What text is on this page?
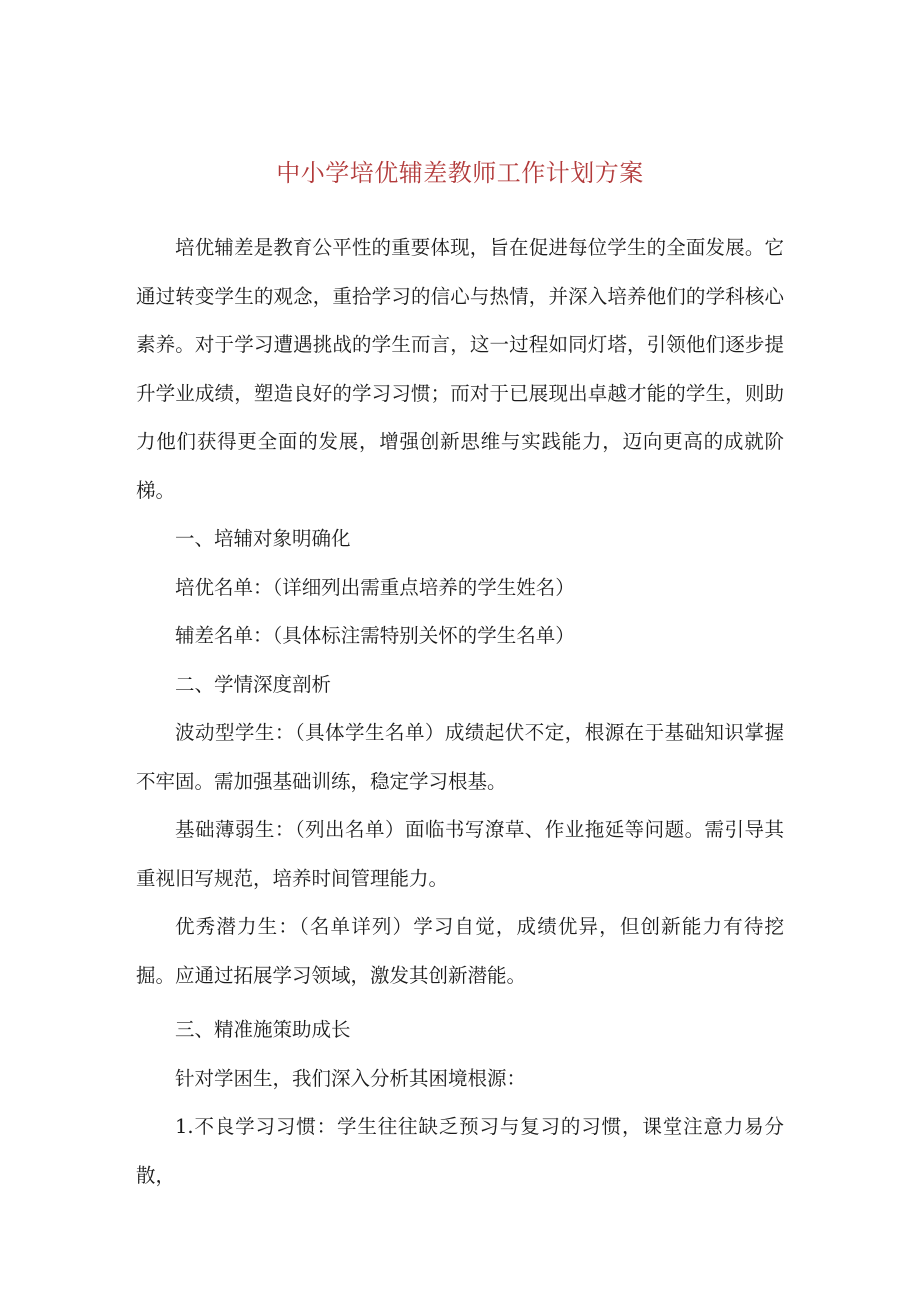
中小学培优辅差教师工作计划方案

培优辅差是教育公平性的重要体现，旨在促进每位学生的全面发展。它通过转变学生的观念，重拾学习的信心与热情，并深入培养他们的学科核心素养。对于学习遭遇挑战的学生而言，这一过程如同灯塔，引领他们逐步提升学业成绩，塑造良好的学习习惯；而对于已展现出卓越才能的学生，则助力他们获得更全面的发展，增强创新思维与实践能力，迈向更高的成就阶梯。

一、培辅对象明确化

培优名单：（详细列出需重点培养的学生姓名）

辅差名单：（具体标注需特别关怀的学生名单）

二、学情深度剖析

波动型学生：（具体学生名单）成绩起伏不定，根源在于基础知识掌握不牢固。需加强基础训练，稳定学习根基。

基础薄弱生：（列出名单）面临书写潦草、作业拖延等问题。需引导其重视旧写规范，培养时间管理能力。

优秀潜力生：（名单详列）学习自觉，成绩优异，但创新能力有待挖掘。应通过拓展学习领域，激发其创新潜能。

三、精准施策助成长

针对学困生，我们深入分析其困境根源：

1.不良学习习惯：学生往往缺乏预习与复习的习惯，课堂注意力易分散，
